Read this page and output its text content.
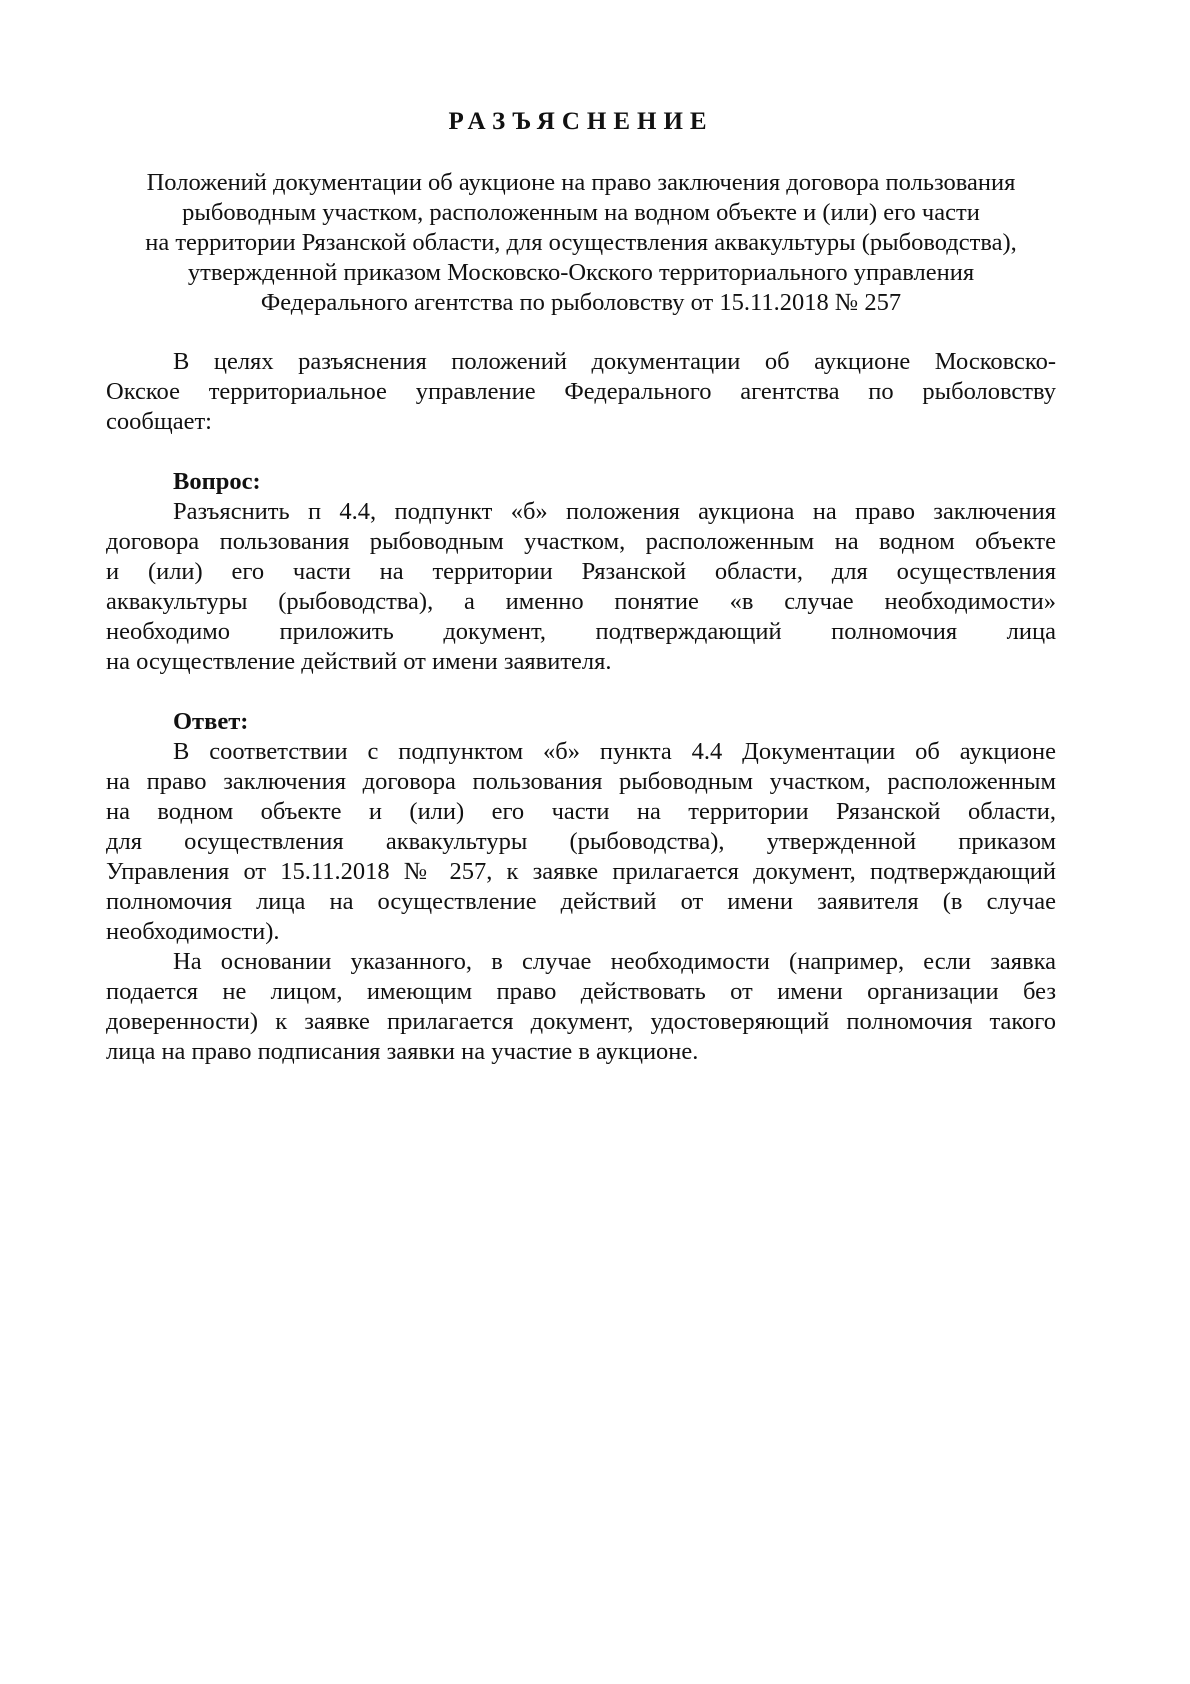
РАЗЪЯСНЕНИЕ
Положений документации об аукционе на право заключения договора пользования
рыбоводным участком, расположенным на водном объекте и (или) его части
на территории Рязанской области, для осуществления аквакультуры (рыбоводства),
утвержденной приказом Московско-Окского территориального управления
Федерального агентства по рыболовству от 15.11.2018 № 257
В целях разъяснения положений документации об аукционе Московско-
Окское территориальное управление Федерального агентства по рыболовству
сообщает:
Вопрос:
Разъяснить п 4.4, подпункт «б» положения аукциона на право заключения
договора пользования рыбоводным участком, расположенным на водном объекте
и (или) его части на территории Рязанской области, для осуществления
аквакультуры (рыбоводства), а именно понятие «в случае необходимости»
необходимо приложить документ, подтверждающий полномочия лица
на осуществление действий от имени заявителя.
Ответ:
В соответствии с подпунктом «б» пункта 4.4 Документации об аукционе
на право заключения договора пользования рыбоводным участком, расположенным
на водном объекте и (или) его части на территории Рязанской области,
для осуществления аквакультуры (рыбоводства), утвержденной приказом
Управления от 15.11.2018 № 257, к заявке прилагается документ, подтверждающий
полномочия лица на осуществление действий от имени заявителя (в случае
необходимости).
На основании указанного, в случае необходимости (например, если заявка
подается не лицом, имеющим право действовать от имени организации без
доверенности) к заявке прилагается документ, удостоверяющий полномочия такого
лица на право подписания заявки на участие в аукционе.
